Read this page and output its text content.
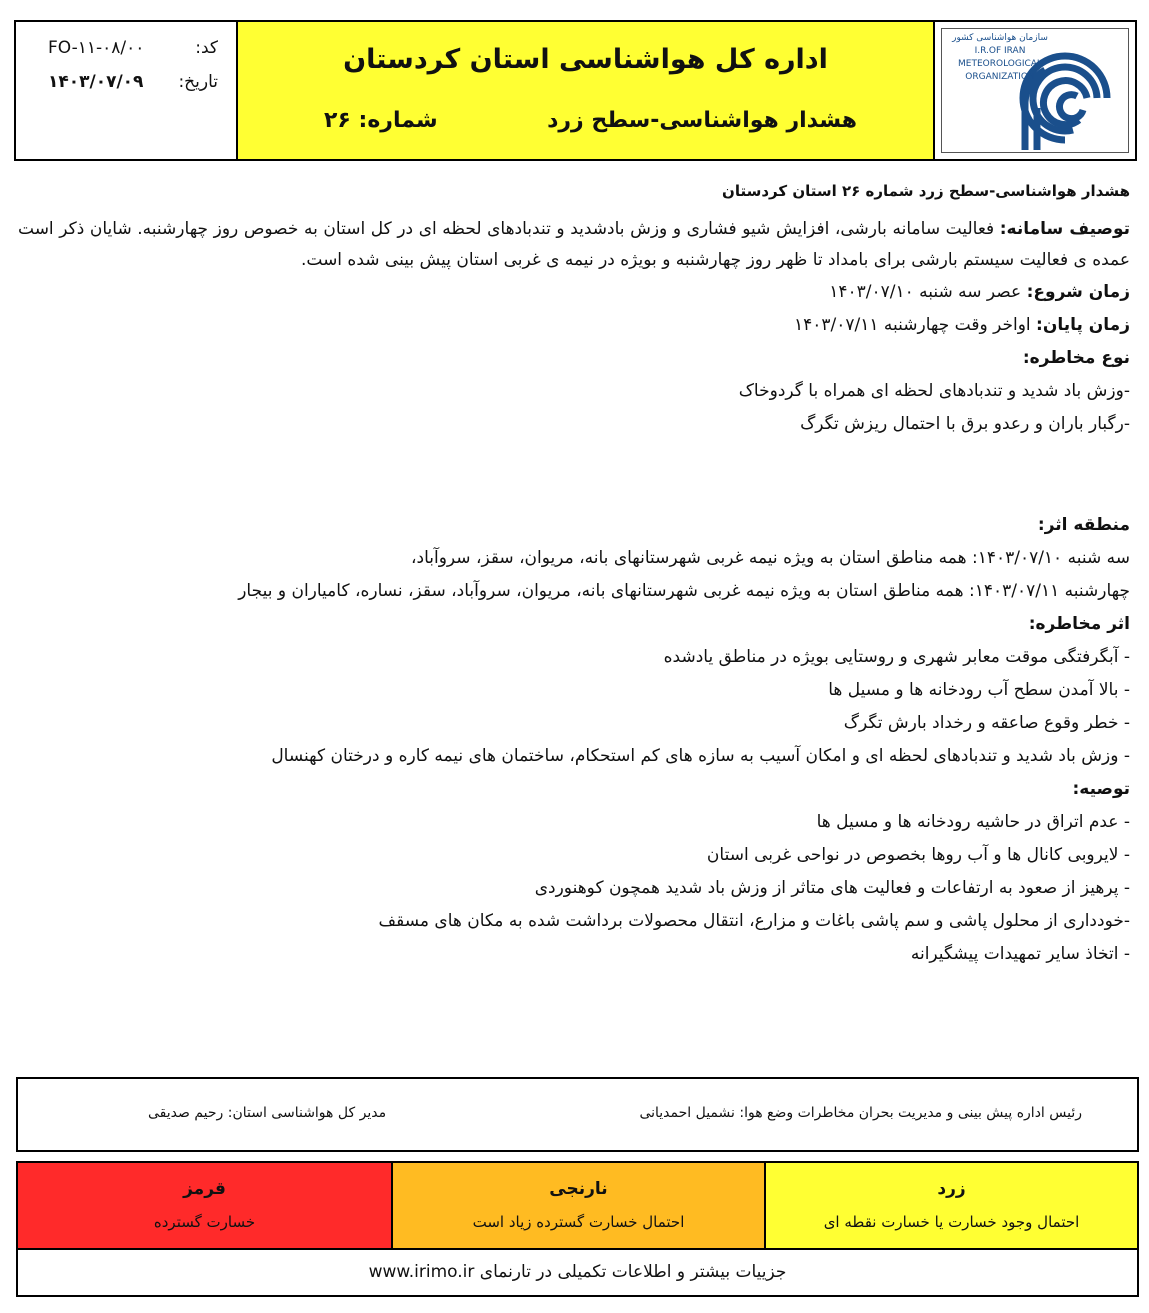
کد:
FO-۱۱-۰۸/۰۰
تاریخ:
۱۴۰۳/۰۷/۰۹
اداره کل هواشناسی استان کردستان
هشدار هواشناسی-سطح زرد
شماره: ۲۶
سازمان هواشناسی کشور
I.R.OF IRAN
METEOROLOGICAL
ORGANIZATION
هشدار هواشناسی-سطح زرد شماره ۲۶ استان کردستان
توصیف سامانه: فعالیت سامانه بارشی، افزایش شیو فشاری و وزش بادشدید و تندبادهای لحظه ای در کل استان به خصوص روز چهارشنبه. شایان ذکر است عمده ی فعالیت سیستم بارشی برای بامداد تا ظهر روز چهارشنبه و بویژه در نیمه ی غربی استان پیش بینی شده است.
زمان شروع: عصر سه شنبه ۱۴۰۳/۰۷/۱۰
زمان پایان: اواخر وقت چهارشنبه ۱۴۰۳/۰۷/۱۱
نوع مخاطره:
-وزش باد شدید و تندبادهای لحظه ای همراه با گردوخاک
-رگبار باران و رعدو برق با احتمال ریزش تگرگ
منطقه اثر:
سه شنبه ۱۴۰۳/۰۷/۱۰: همه مناطق استان به ویژه نیمه غربی شهرستانهای بانه، مریوان، سقز، سروآباد،
چهارشنبه ۱۴۰۳/۰۷/۱۱: همه مناطق استان به ویژه نیمه غربی شهرستانهای بانه، مریوان، سروآباد، سقز، نساره، کامیاران و بیجار
اثر مخاطره:
- آبگرفتگی موقت معابر شهری و روستایی بویژه در مناطق یادشده
- بالا آمدن سطح آب رودخانه ها و مسیل ها
- خطر وقوع صاعقه و رخداد بارش تگرگ
- وزش باد شدید و تندبادهای لحظه ای و امکان آسیب به سازه های کم استحکام، ساختمان های نیمه کاره و درختان کهنسال
توصیه:
- عدم اتراق در حاشیه رودخانه ها و مسیل ها
- لایروبی کانال ها و آب روها بخصوص در نواحی غربی استان
- پرهیز از صعود به ارتفاعات و فعالیت های متاثر از وزش باد شدید همچون کوهنوردی
-خودداری از محلول پاشی و سم پاشی باغات و مزارع، انتقال محصولات برداشت شده به مکان های مسقف
- اتخاذ سایر تمهیدات پیشگیرانه
رئیس اداره پیش بینی و مدیریت بحران مخاطرات وضع هوا: نشمیل احمدیانی
مدیر کل هواشناسی استان: رحیم صدیقی
قرمز
خسارت گسترده
نارنجی
احتمال خسارت گسترده زیاد است
زرد
احتمال وجود خسارت یا خسارت نقطه ای
جزییات بیشتر و اطلاعات تکمیلی در تارنمای www.irimo.ir
